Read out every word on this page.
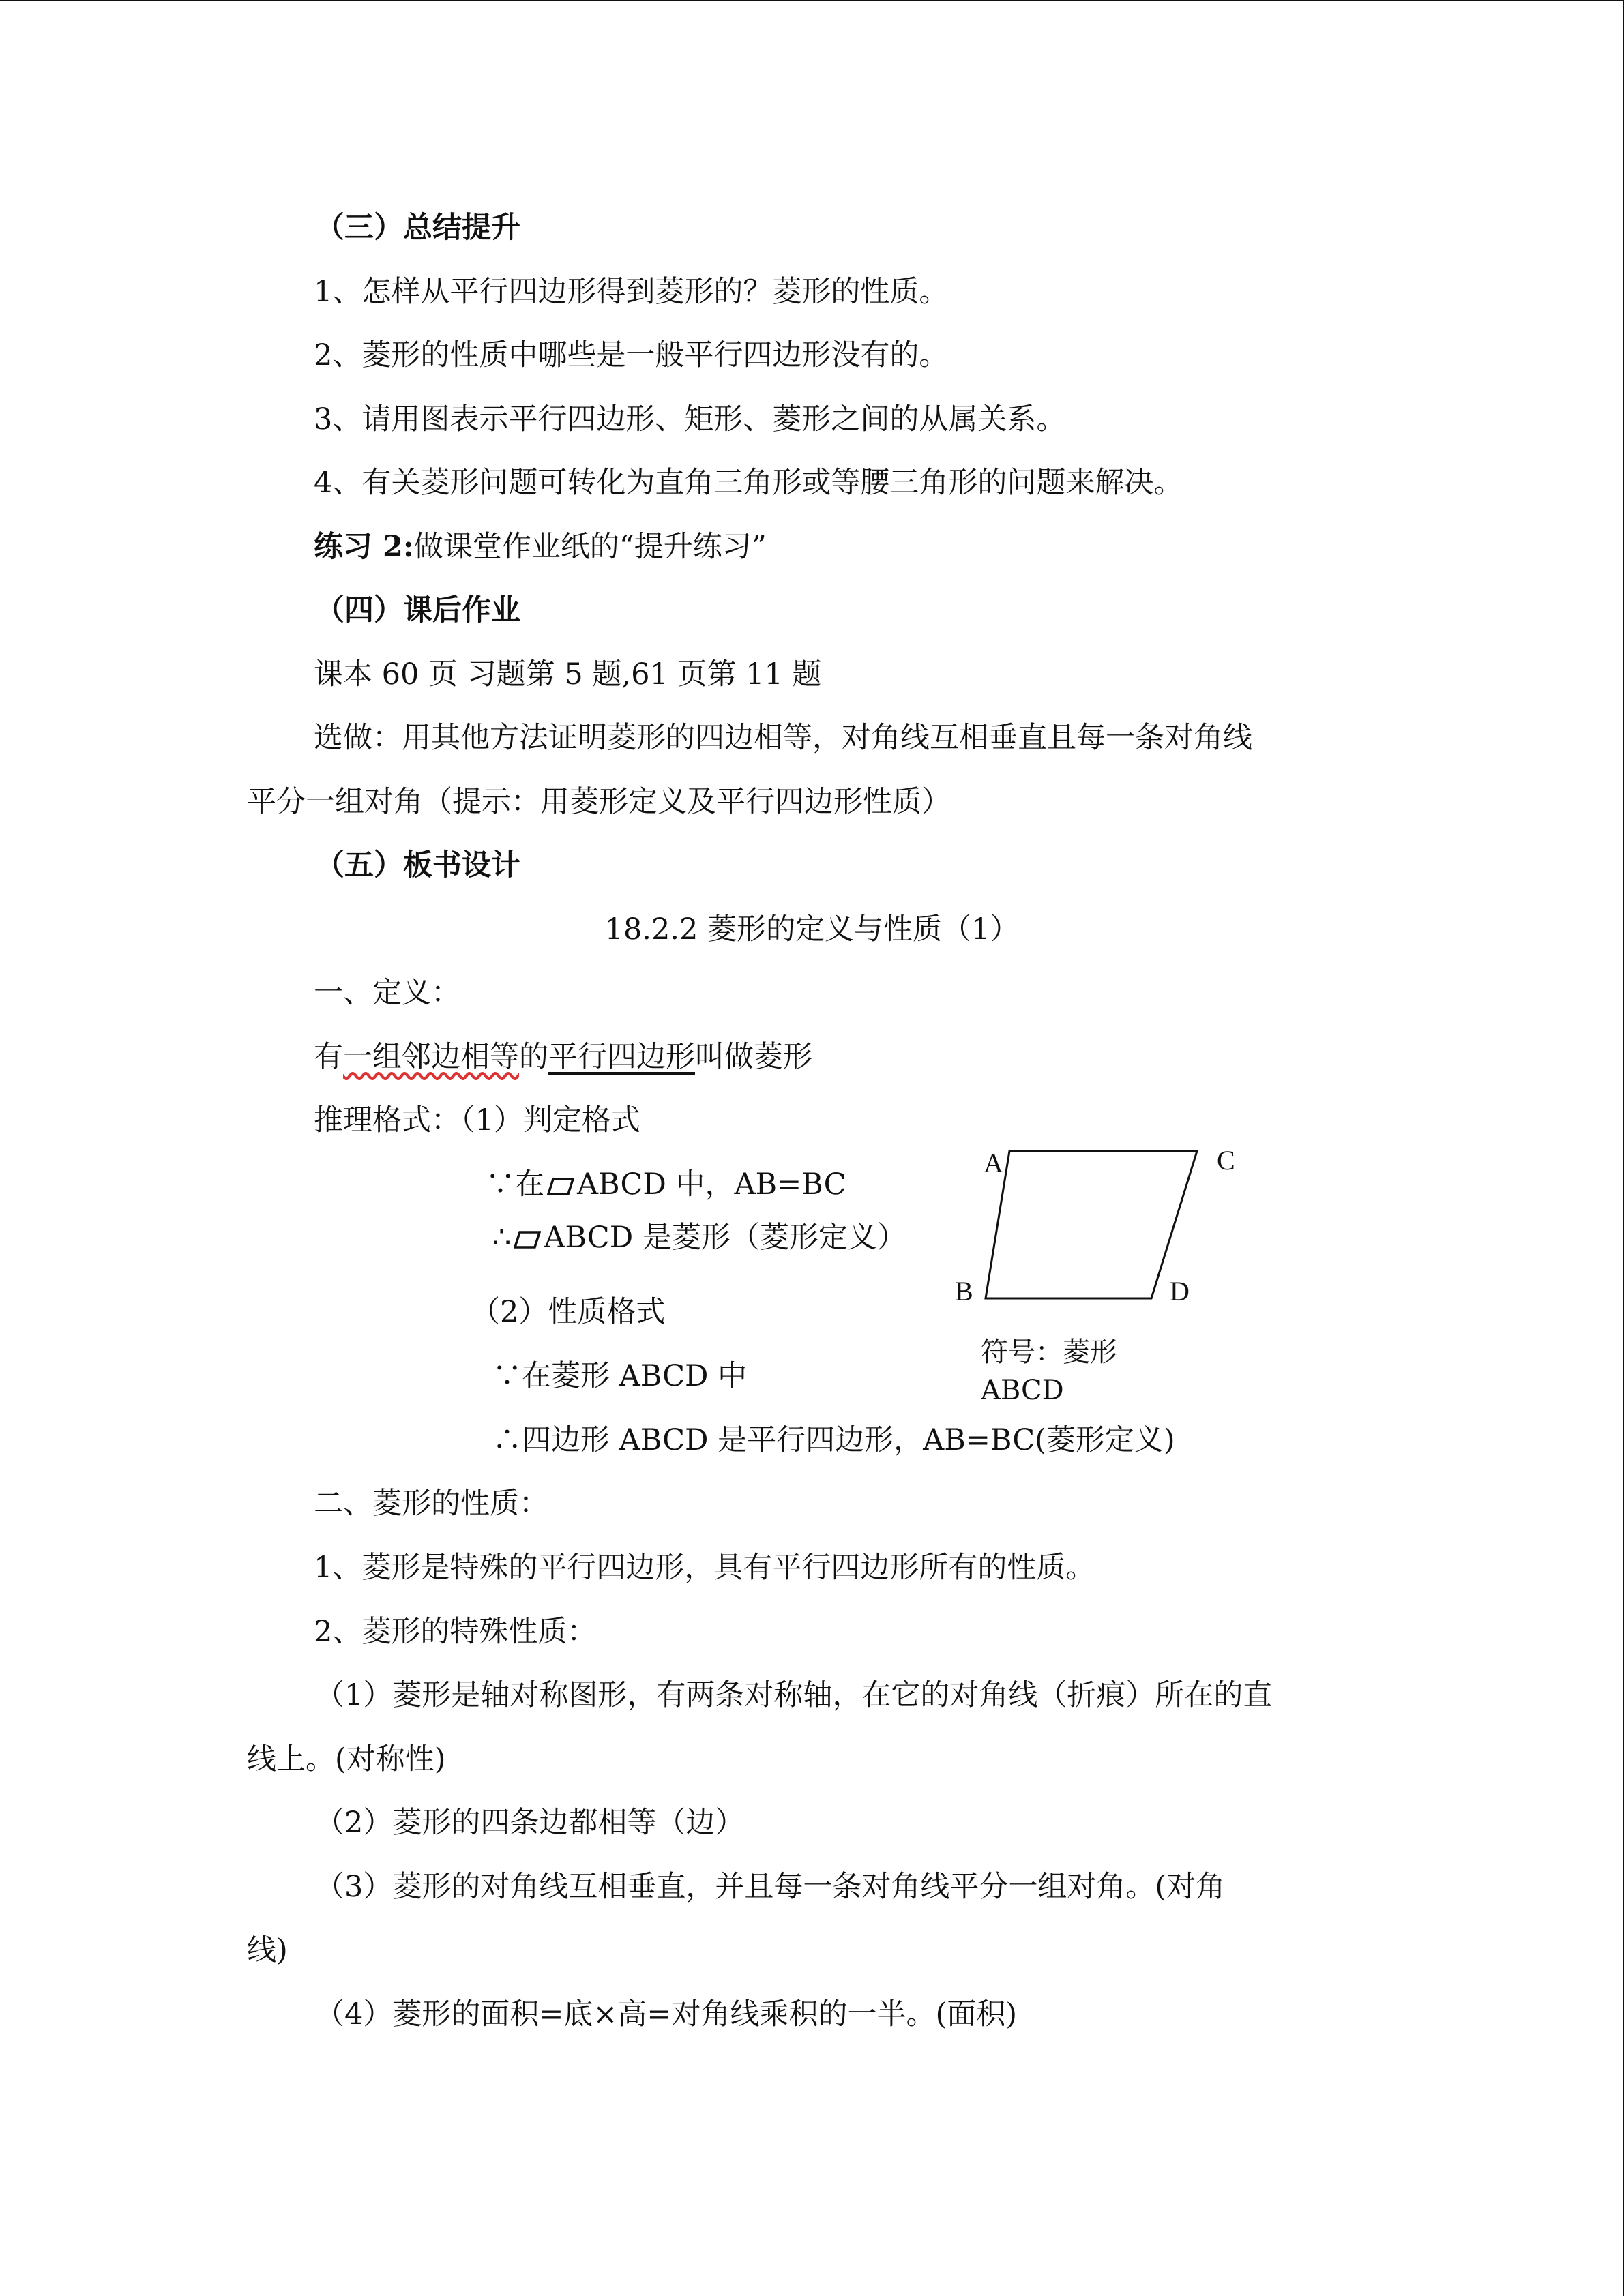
（三）总结提升
1、怎样从平行四边形得到菱形的？菱形的性质。
2、菱形的性质中哪些是一般平行四边形没有的。
3、请用图表示平行四边形、矩形、菱形之间的从属关系。
4、有关菱形问题可转化为直角三角形或等腰三角形的问题来解决。
练习 2:做课堂作业纸的“提升练习”
（四）课后作业
课本 60 页 习题第 5 题,61 页第 11 题
选做：用其他方法证明菱形的四边相等，对角线互相垂直且每一条对角线
平分一组对角（提示：用菱形定义及平行四边形性质）
（五）板书设计
18.2.2 菱形的定义与性质（1）
一、定义：
有一组邻边相等的平行四边形叫做菱形
推理格式：（1）判定格式
∵在 ABCD 中，AB=BC
∴ ABCD 是菱形（菱形定义）
（2）性质格式
∵在菱形 ABCD 中
∴四边形 ABCD 是平行四边形，AB=BC(菱形定义)
A	C
B	D
符号：菱形
ABCD
二、菱形的性质：
1、菱形是特殊的平行四边形，具有平行四边形所有的性质。
2、菱形的特殊性质：
（1）菱形是轴对称图形，有两条对称轴，在它的对角线（折痕）所在的直
线上。(对称性)
（2）菱形的四条边都相等（边）
（3）菱形的对角线互相垂直，并且每一条对角线平分一组对角。(对角
线)
（4）菱形的面积=底×高=对角线乘积的一半。(面积)
